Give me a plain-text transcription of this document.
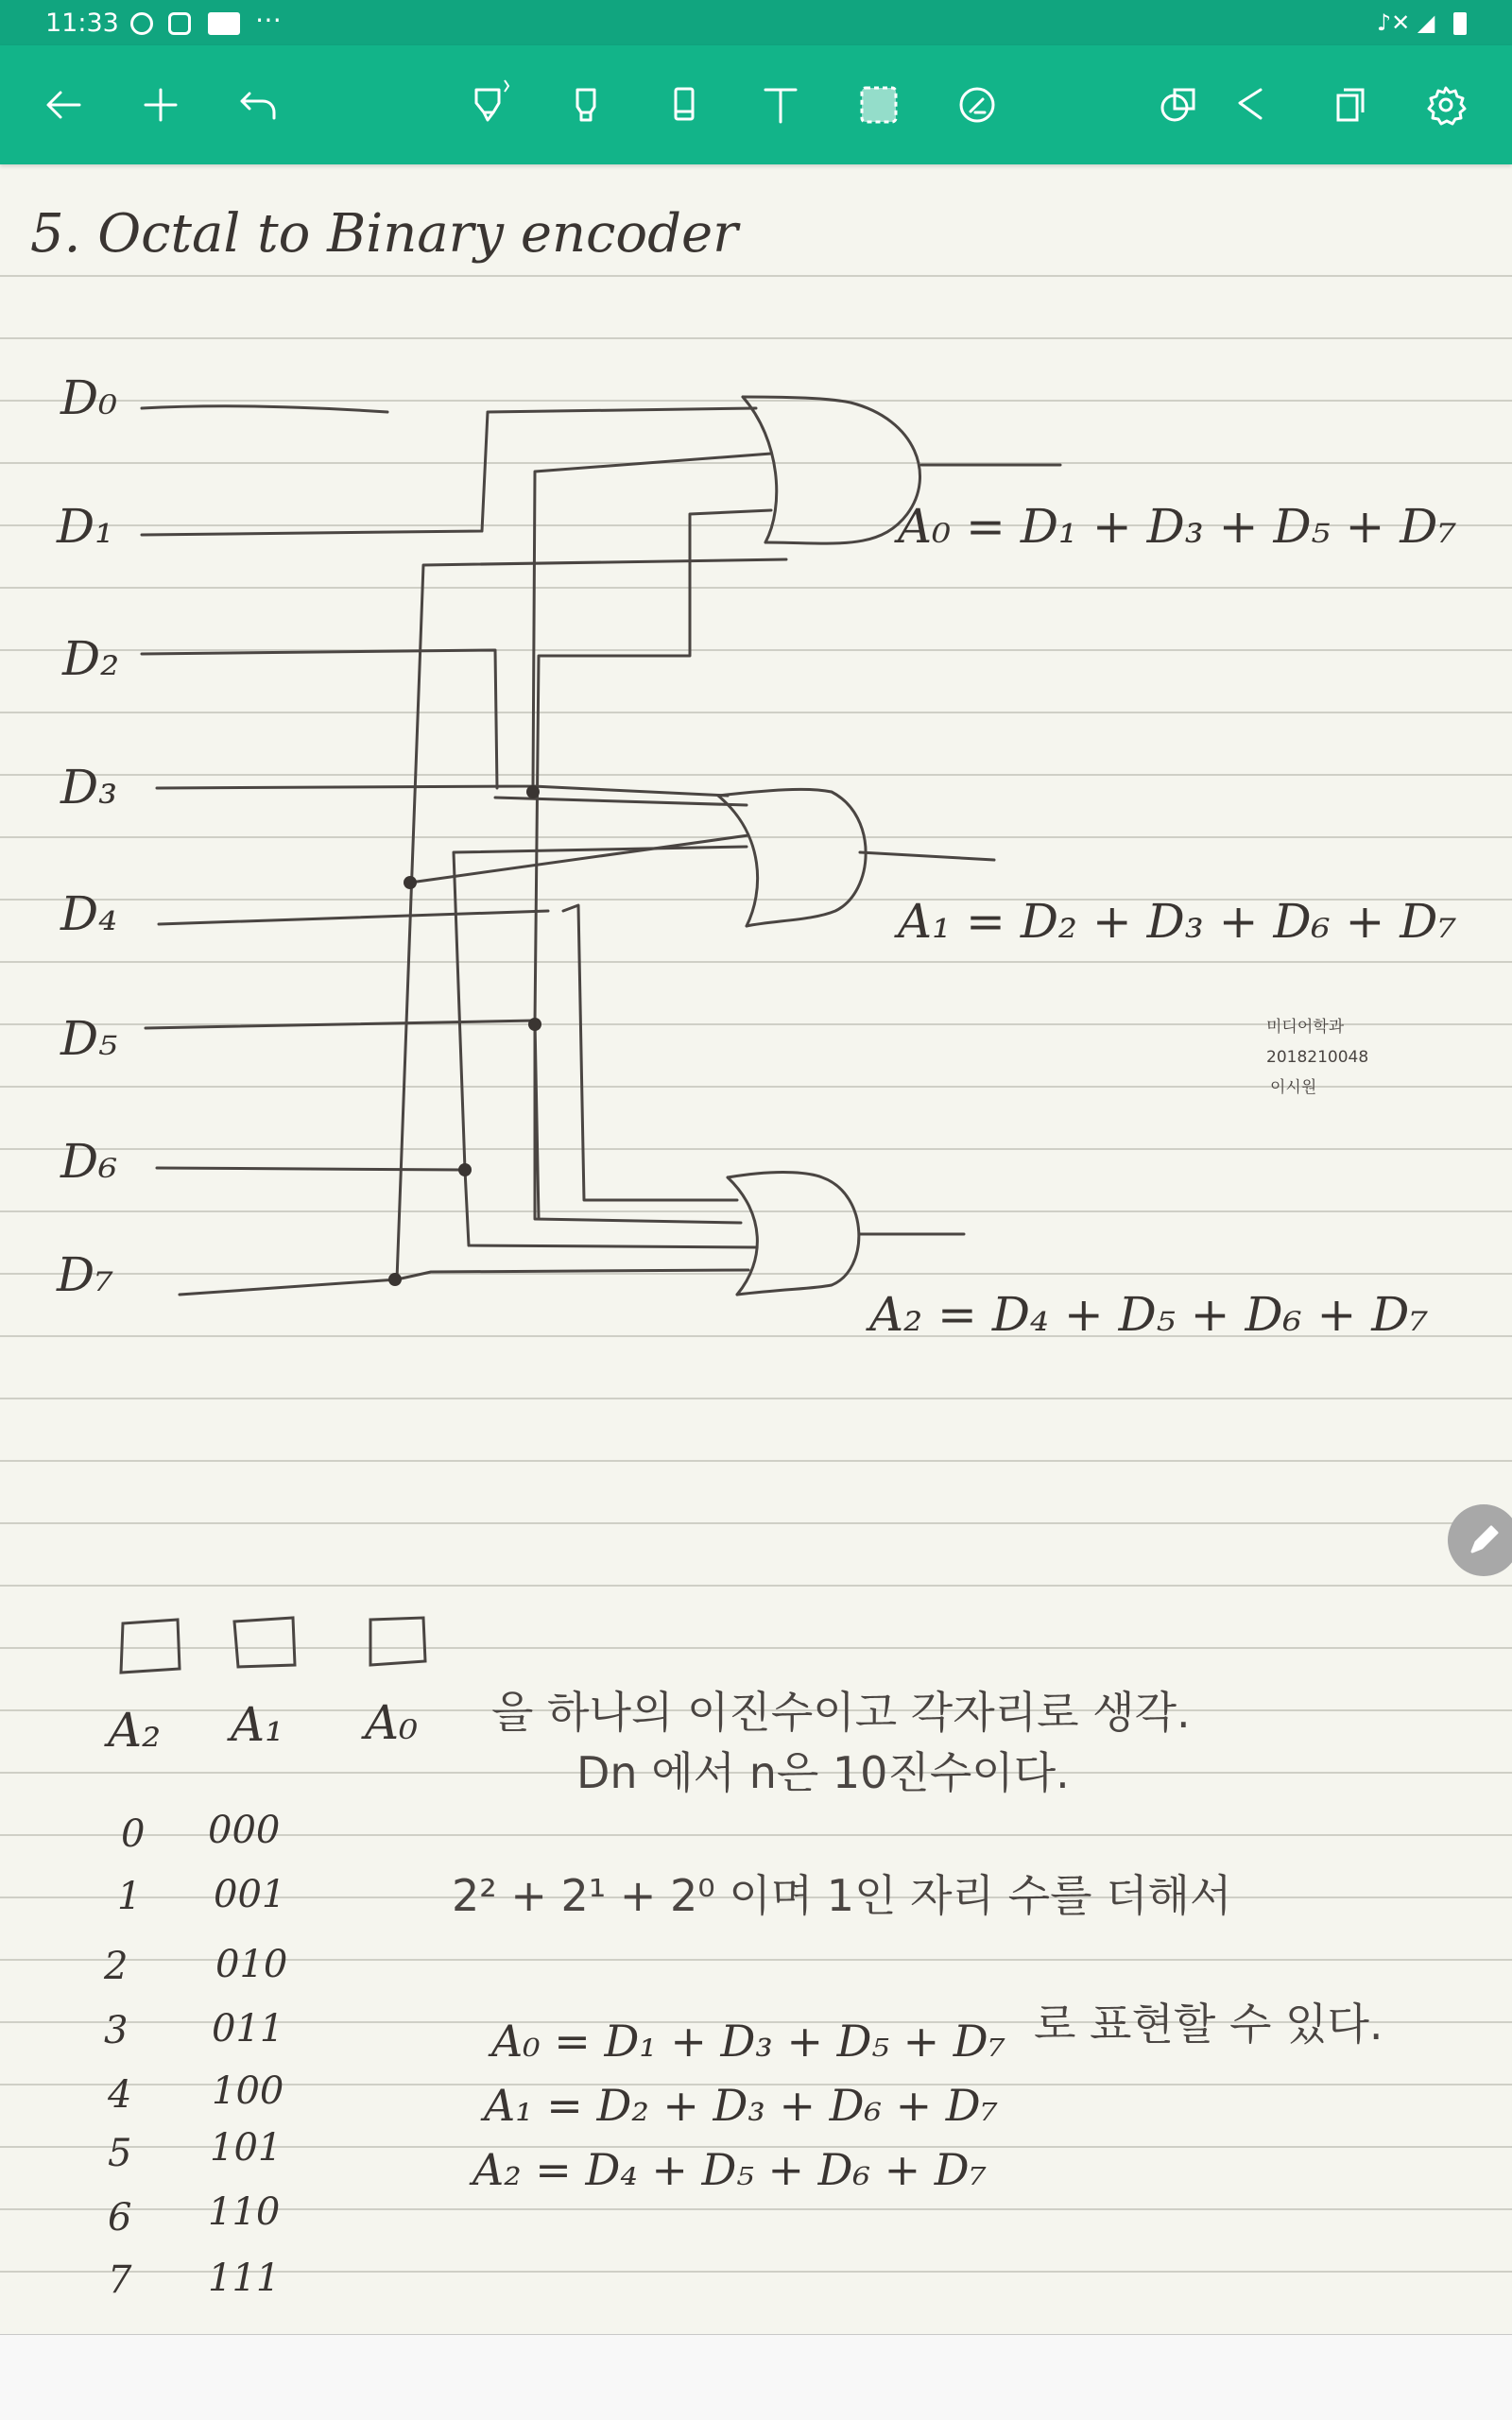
11:33	⋯	♪✕ ◢
5. Octal to Binary encoder
D₀
D₁
D₂
D₃
D₄
D₅
D₆
D₇
A₀ = D₁ + D₃ + D₅ + D₇
A₁ = D₂ + D₃ + D₆ + D₇
A₂ = D₄ + D₅ + D₆ + D₇
미디어학과
2018210048
이시원
A₂ A₁ A₀ 을 하나의 이진수이고 각자리로 생각.
Dn 에서 n은 10진수이다.
0 000
1 001
2 010
3 011
4 100
5 101
6 110
7 111
2² + 2¹ + 2⁰ 이며 1인 자리 수를 더해서
A₀ = D₁ + D₃ + D₅ + D₇ 로 표현할 수 있다.
A₁ = D₂ + D₃ + D₆ + D₇
A₂ = D₄ + D₅ + D₆ + D₇
